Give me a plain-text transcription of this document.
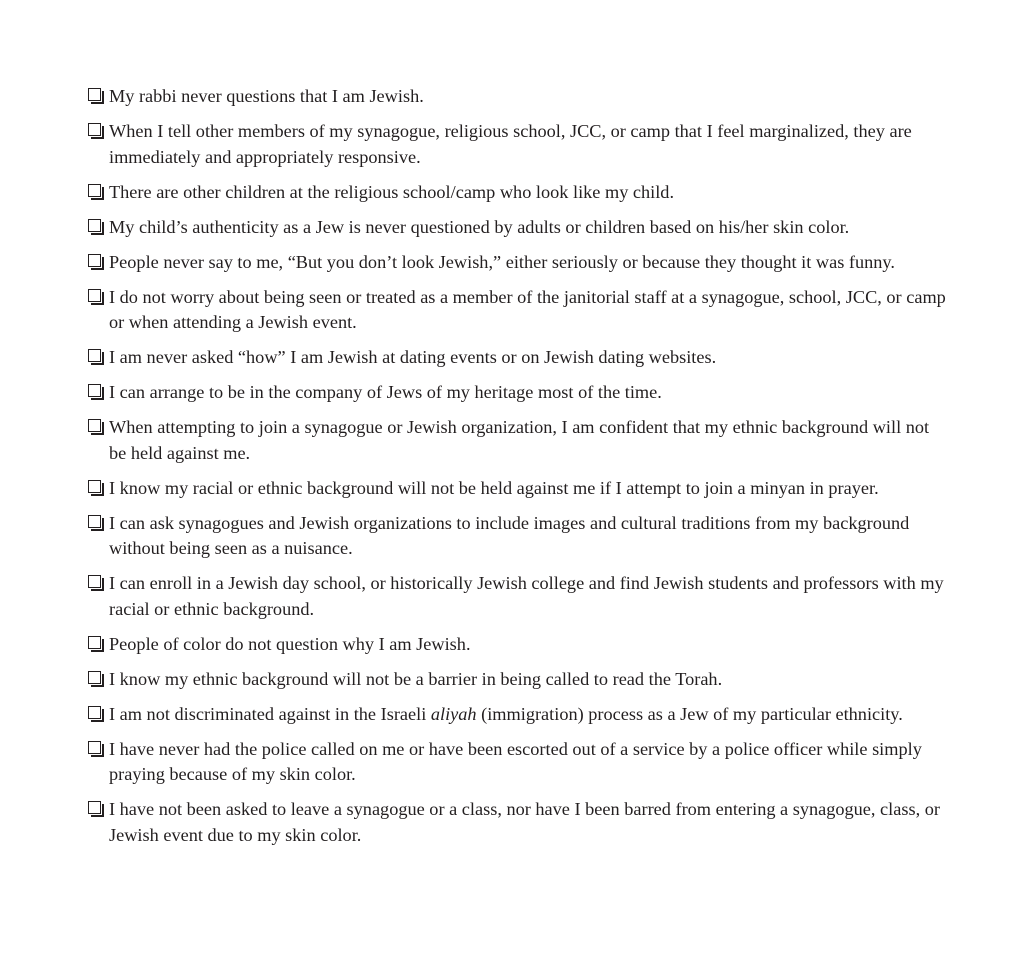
My rabbi never questions that I am Jewish.
When I tell other members of my synagogue, religious school, JCC, or camp that I feel marginalized, they are immediately and appropriately responsive.
There are other children at the religious school/camp who look like my child.
My child’s authenticity as a Jew is never questioned by adults or children based on his/her skin color.
People never say to me, “But you don’t look Jewish,” either seriously or because they thought it was funny.
I do not worry about being seen or treated as a member of the janitorial staff at a synagogue, school, JCC, or camp or when attending a Jewish event.
I am never asked “how” I am Jewish at dating events or on Jewish dating websites.
I can arrange to be in the company of Jews of my heritage most of the time.
When attempting to join a synagogue or Jewish organization, I am confident that my ethnic background will not be held against me.
I know my racial or ethnic background will not be held against me if I attempt to join a minyan in prayer.
I can ask synagogues and Jewish organizations to include images and cultural traditions from my background without being seen as a nuisance.
I can enroll in a Jewish day school, or historically Jewish college and find Jewish students and professors with my racial or ethnic background.
People of color do not question why I am Jewish.
I know my ethnic background will not be a barrier in being called to read the Torah.
I am not discriminated against in the Israeli aliyah (immigration) process as a Jew of my particular ethnicity.
I have never had the police called on me or have been escorted out of a service by a police officer while simply praying because of my skin color.
I have not been asked to leave a synagogue or a class, nor have I been barred from entering a synagogue, class, or Jewish event due to my skin color.
